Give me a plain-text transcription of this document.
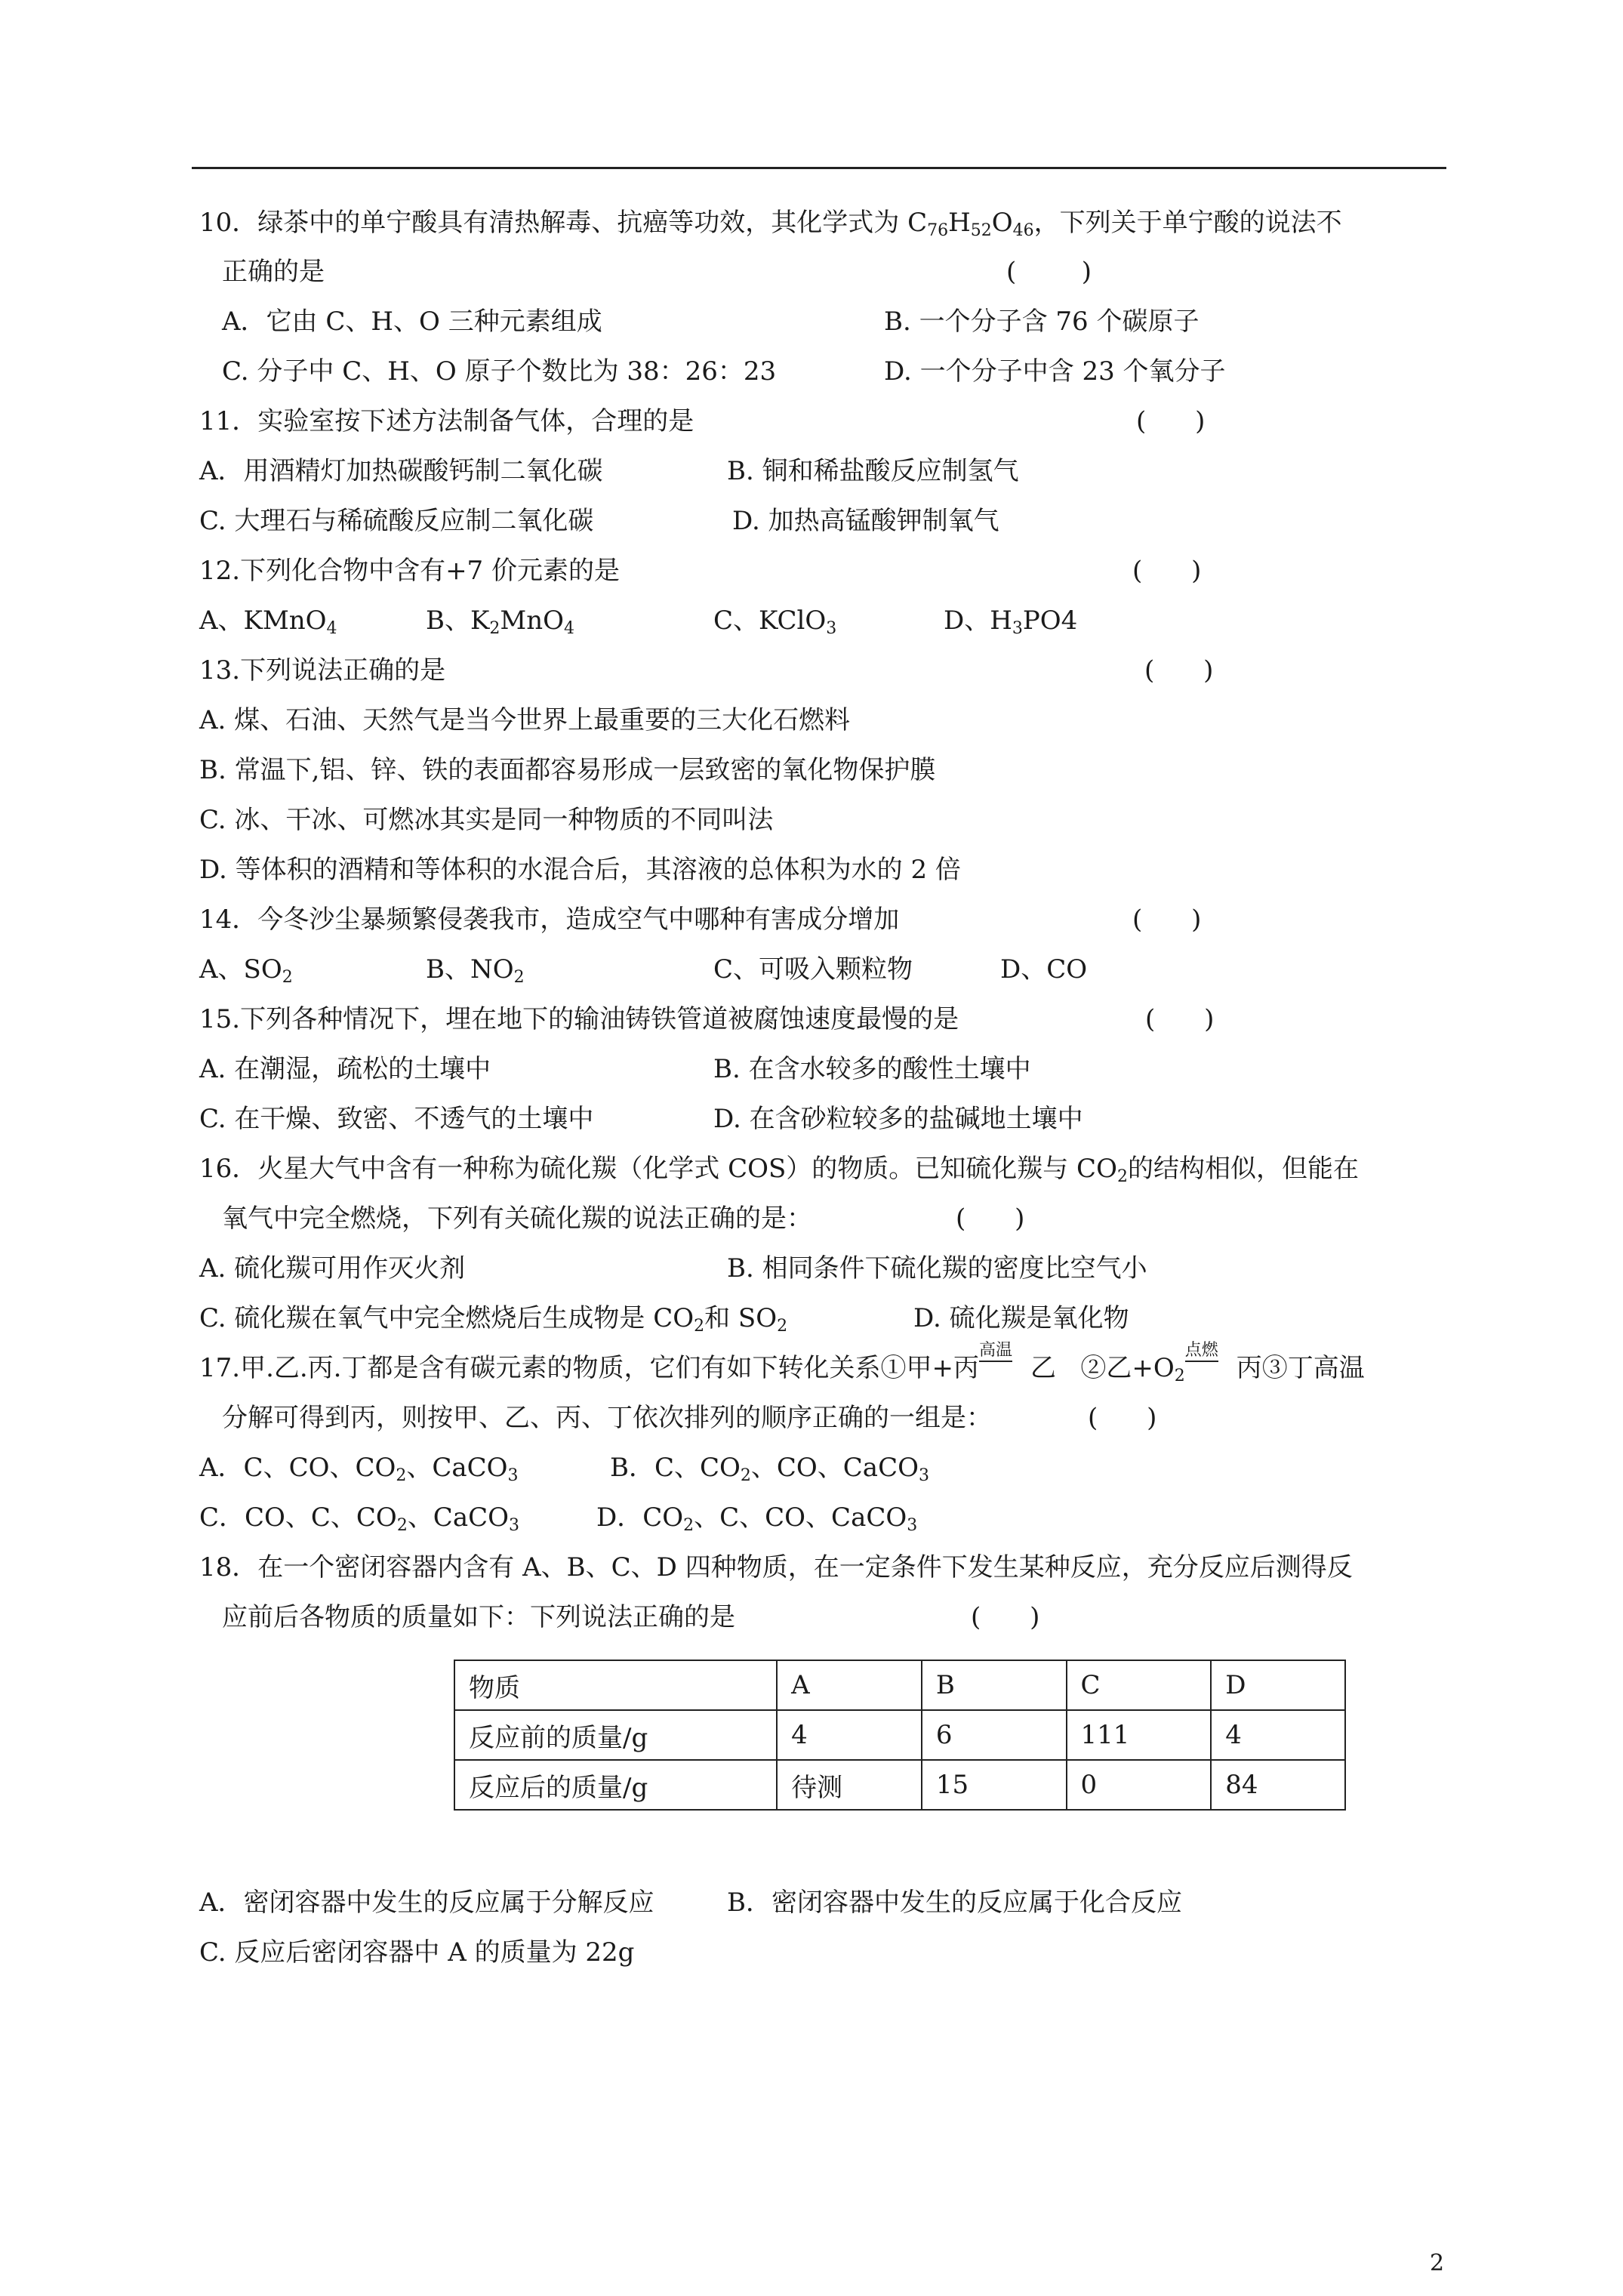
10．绿茶中的单宁酸具有清热解毒、抗癌等功效，其化学式为 $C_{76}H_{52}O_{46}$，下列关于单宁酸的说法不
正确的是	(        )
A．它由 C、H、O 三种元素组成	B. 一个分子含 76 个碳原子
C. 分子中 C、H、O 原子个数比为 38：26：23	D. 一个分子中含 23 个氧分子
11．实验室按下述方法制备气体，合理的是	(      )
A．用酒精灯加热碳酸钙制二氧化碳	B. 铜和稀盐酸反应制氢气
C. 大理石与稀硫酸反应制二氧化碳	D. 加热高锰酸钾制氧气
12.下列化合物中含有+7 价元素的是	(      )
A、KMnO$_4$	B、$K_2MnO_4$	C、KClO$_3$	D、$H_3PO4$
13.下列说法正确的是	(      )
A. 煤、石油、天然气是当今世界上最重要的三大化石燃料
B. 常温下,铝、锌、铁的表面都容易形成一层致密的氧化物保护膜
C. 冰、干冰、可燃冰其实是同一种物质的不同叫法
D. 等体积的酒精和等体积的水混合后，其溶液的总体积为水的 2 倍
14．今冬沙尘暴频繁侵袭我市，造成空气中哪种有害成分增加	(      )
A、$SO_2$	B、$NO_2$	C、可吸入颗粒物	D、CO
15.下列各种情况下，埋在地下的输油铸铁管道被腐蚀速度最慢的是	(      )
A. 在潮湿，疏松的土壤中	B. 在含水较多的酸性土壤中
C. 在干燥、致密、不透气的土壤中	D. 在含砂粒较多的盐碱地土壤中
16．火星大气中含有一种称为硫化羰（化学式 COS）的物质。已知硫化羰与 $CO_2$的结构相似，但能在
氧气中完全燃烧，下列有关硫化羰的说法正确的是：	(      )
A. 硫化羰可用作灭火剂	B. 相同条件下硫化羰的密度比空气小
C. 硫化羰在氧气中完全燃烧后生成物是 $CO_2$和 $SO_2$	D. 硫化羰是氧化物
17.甲.乙.丙.丁都是含有碳元素的物质，它们有如下转化关系①甲+丙
高温
  乙   ②乙$+O_2$
点燃
  丙③丁高温
分解可得到丙，则按甲、乙、丙、丁依次排列的顺序正确的一组是：	(      )
A．C、CO、$CO_2$、CaCO$_3$	B．C、$CO_2$、CO、CaCO$_3$
C．CO、C、$CO_2$、CaCO$_3$	D．$CO_2$、C、CO、CaCO$_3$
18．在一个密闭容器内含有 A、B、C、D 四种物质，在一定条件下发生某种反应，充分反应后测得反
应前后各物质的质量如下：下列说法正确的是	(      )
物质	A	B	C	D
反应前的质量/g	4	6	111	4
反应后的质量/g	待测	15	0	84
A．密闭容器中发生的反应属于分解反应	B．密闭容器中发生的反应属于化合反应
C. 反应后密闭容器中 A 的质量为 22g
2
